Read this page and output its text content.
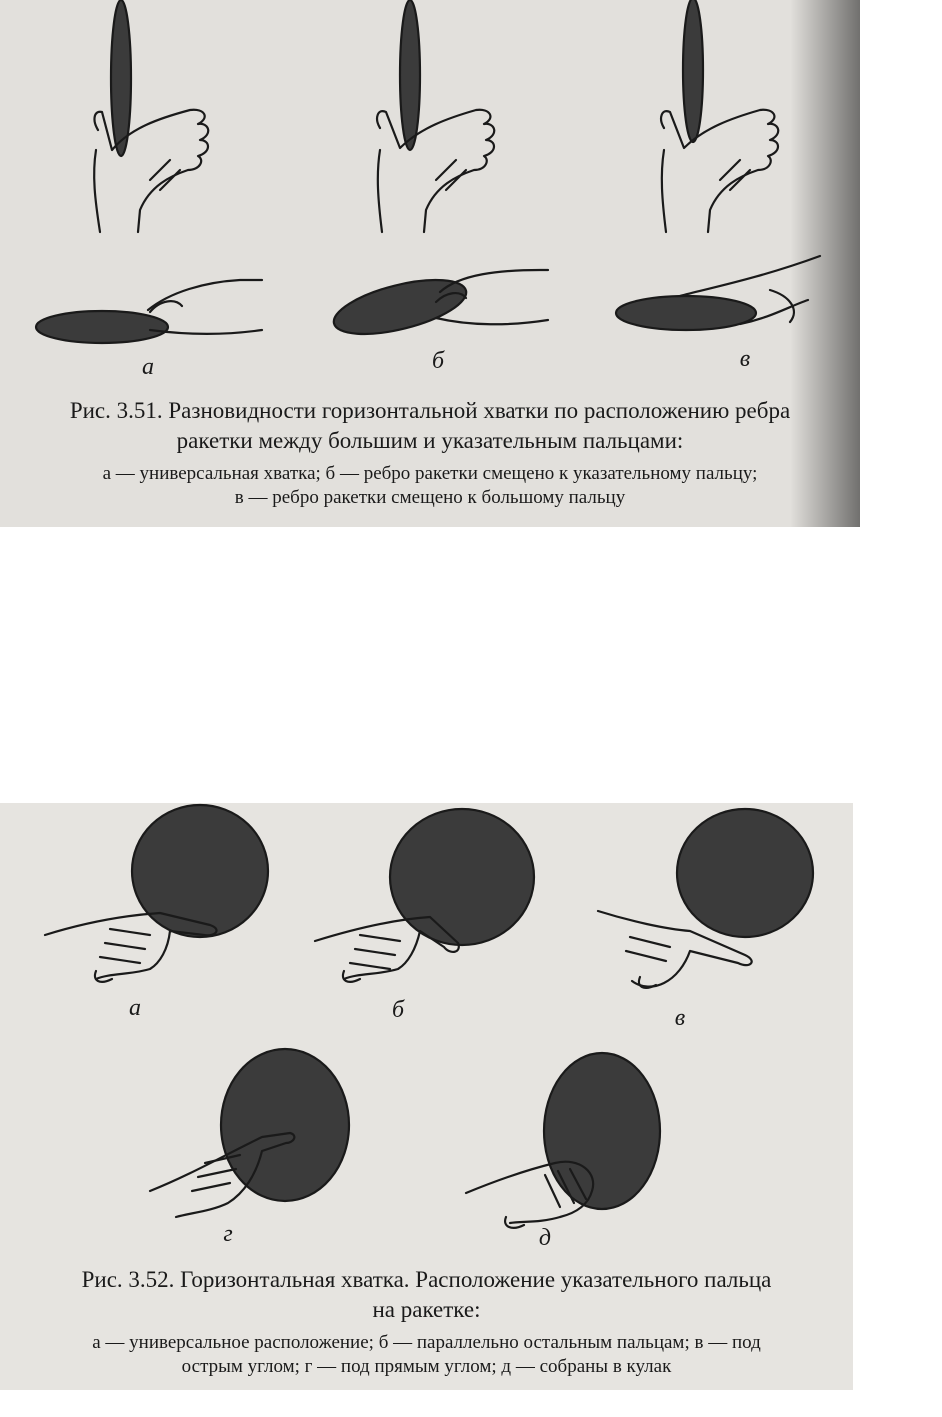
а	б	в
Рис. 3.51. Разновидности горизонтальной хватки по расположению ребра
ракетки между большим и указательным пальцами:
а — универсальная хватка; б — ребро ракетки смещено к указательному пальцу;
в — ребро ракетки смещено к большому пальцу
а	б	в
г	д
Рис. 3.52. Горизонтальная хватка. Расположение указательного пальца
на ракетке:
а — универсальное расположение; б — параллельно остальным пальцам; в — под
острым углом; г — под прямым углом; д — собраны в кулак
